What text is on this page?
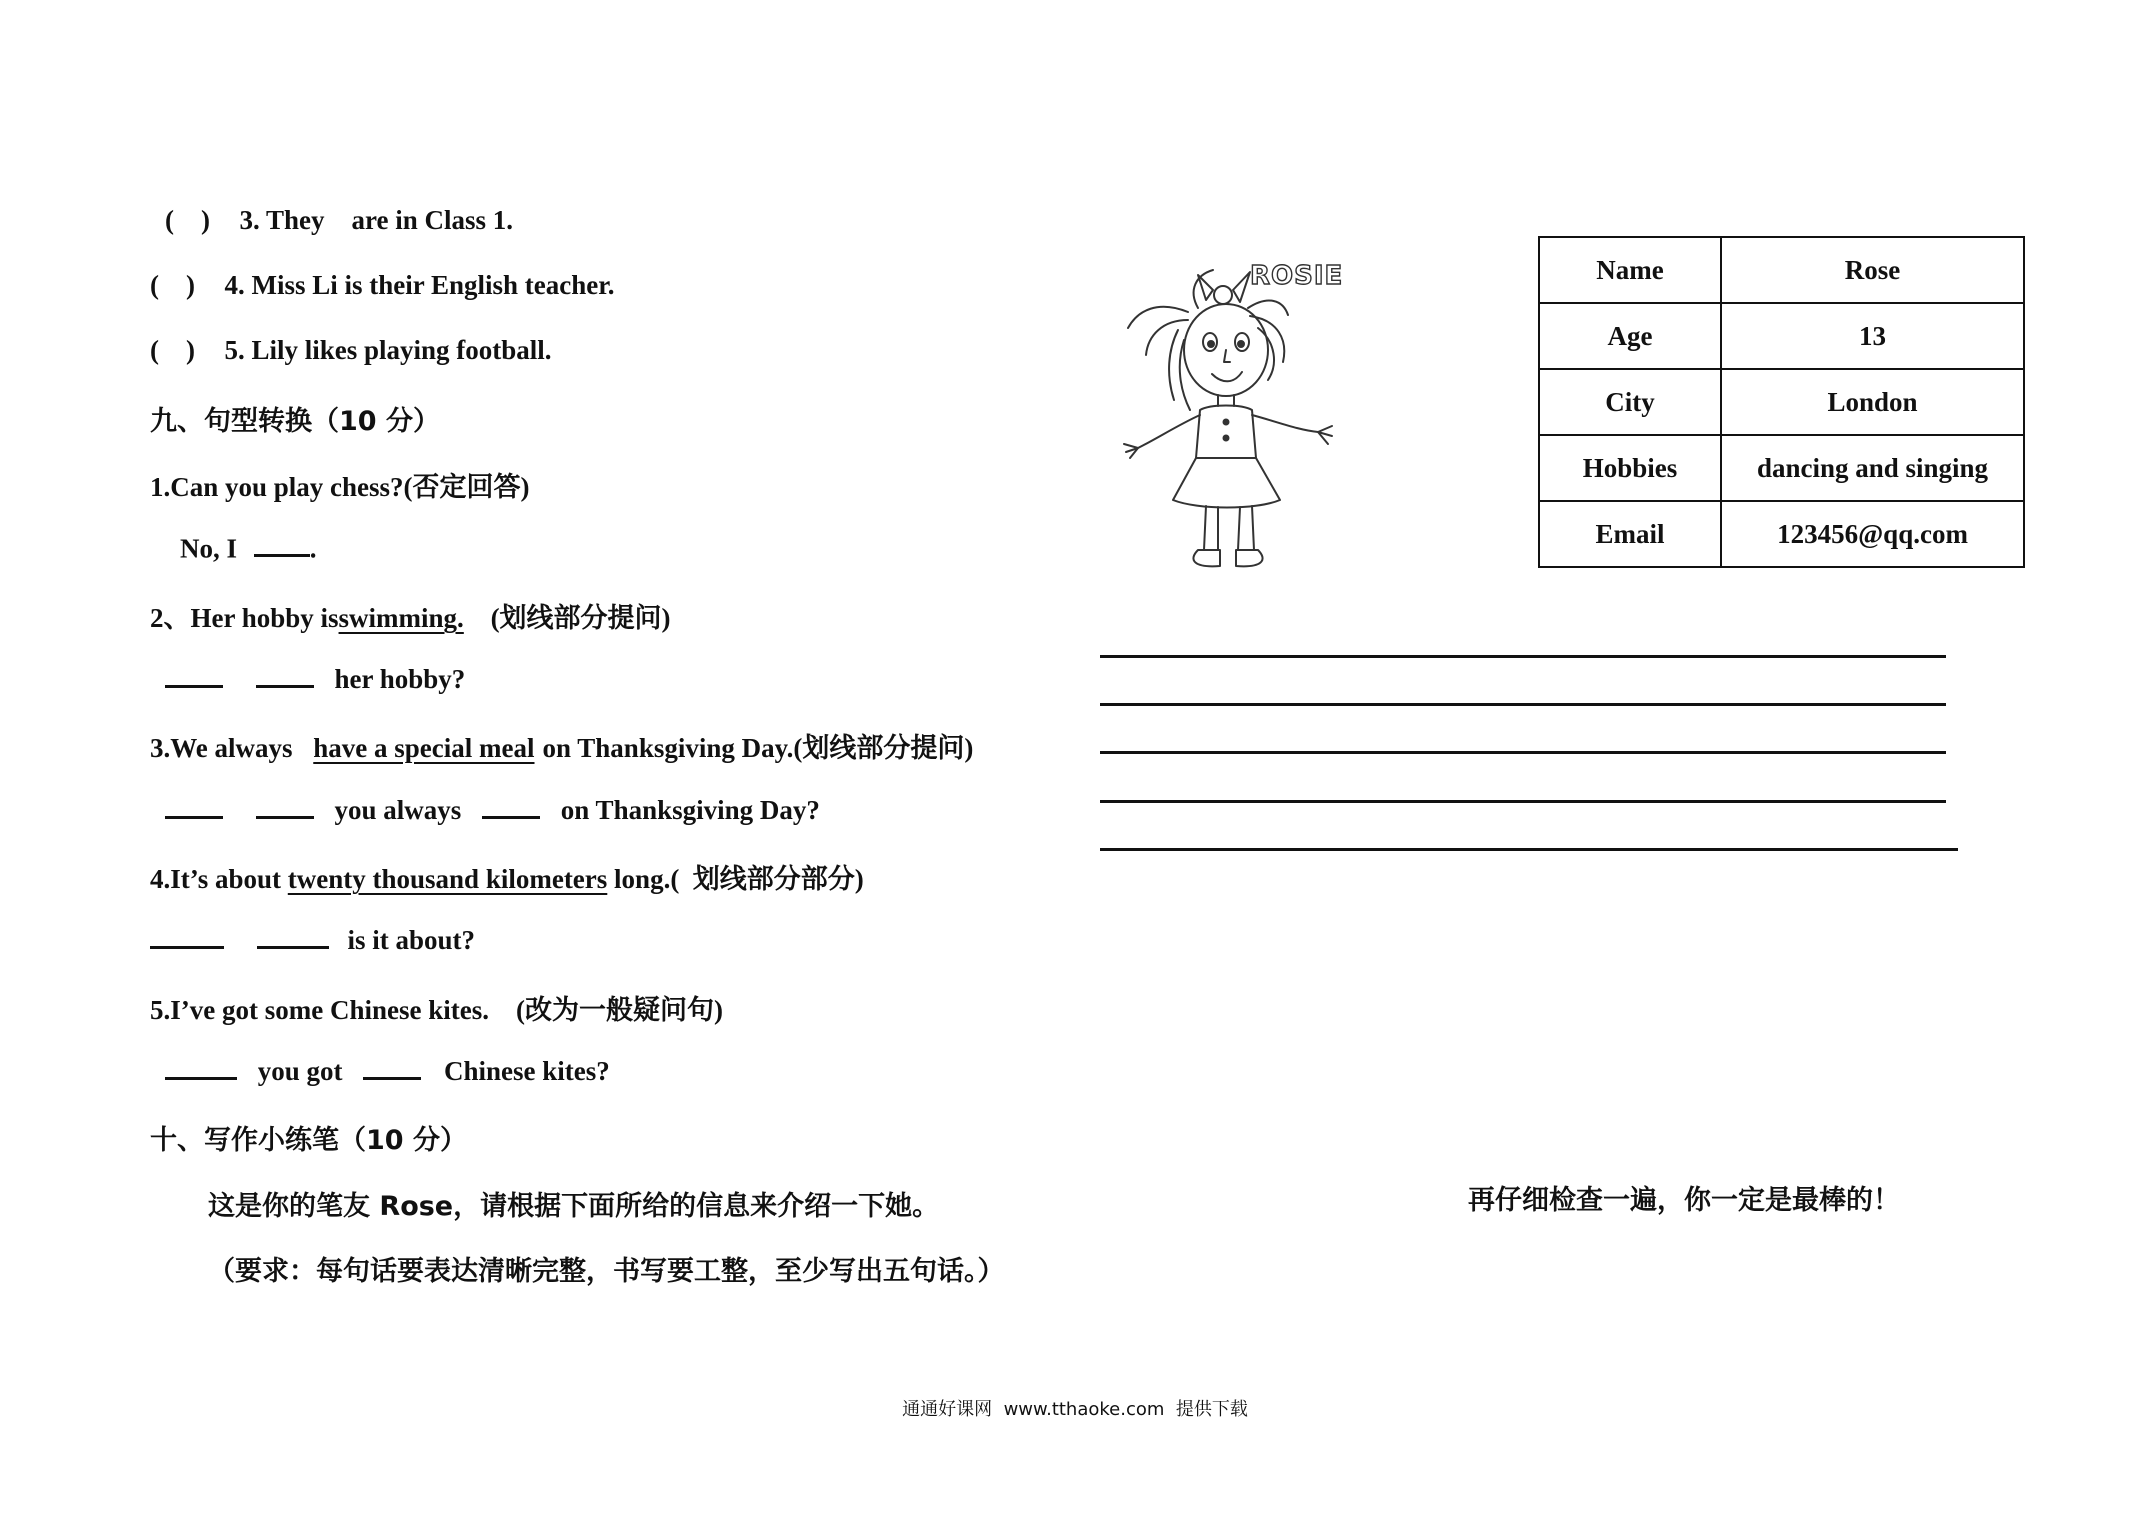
(    ) 3. They    are in Class 1.
(    ) 4. Miss Li is their English teacher.
(    ) 5. Lily likes playing football.
九、句型转换（10 分）
1.Can you play chess?(否定回答)
No, I	.
2、Her hobby isswimming. (划线部分提问)
her hobby?
3.We always have a special meal on Thanksgiving Day.(划线部分提问)
you always	on Thanksgiving Day?
4.It’s about twenty thousand kilometers long.(  划线部分部分)
is it about?
5.I’ve got some Chinese kites.    (改为一般疑问句)
you got	Chinese kites?
十、写作小练笔（10 分）
这是你的笔友 Rose，请根据下面所给的信息来介绍一下她。
（要求：每句话要表达清晰完整，书写要工整，至少写出五句话。）
ROSIE	Name	Rose
Age	13
City	London
Hobbies	dancing and singing
Email	123456@qq.com
再仔细检查一遍，你一定是最棒的！
通通好课网  www.tthaoke.com  提供下载
